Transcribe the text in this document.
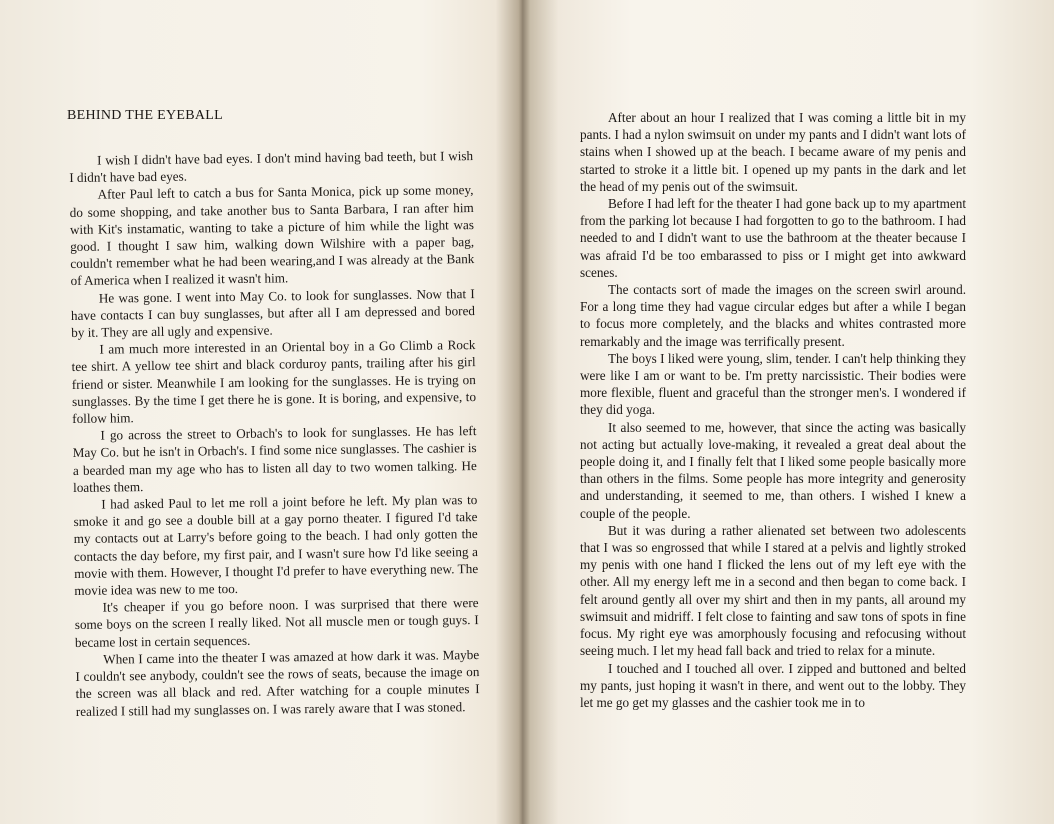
BEHIND THE EYEBALL

I wish I didn't have bad eyes. I don't mind having bad teeth, but I wish I didn't have bad eyes.

After Paul left to catch a bus for Santa Monica, pick up some money, do some shopping, and take another bus to Santa Barbara, I ran after him with Kit's instamatic, wanting to take a picture of him while the light was good. I thought I saw him, walking down Wilshire with a paper bag, couldn't remember what he had been wearing,and I was already at the Bank of America when I realized it wasn't him.

He was gone. I went into May Co. to look for sunglasses. Now that I have contacts I can buy sunglasses, but after all I am depressed and bored by it. They are all ugly and expensive.

I am much more interested in an Oriental boy in a Go Climb a Rock tee shirt. A yellow tee shirt and black corduroy pants, trailing after his girl friend or sister. Meanwhile I am looking for the sunglasses. He is trying on sunglasses. By the time I get there he is gone. It is boring, and expensive, to follow him.

I go across the street to Orbach's to look for sunglasses. He has left May Co. but he isn't in Orbach's. I find some nice sunglasses. The cashier is a bearded man my age who has to listen all day to two women talking. He loathes them.

I had asked Paul to let me roll a joint before he left. My plan was to smoke it and go see a double bill at a gay porno theater. I figured I'd take my contacts out at Larry's before going to the beach. I had only gotten the contacts the day before, my first pair, and I wasn't sure how I'd like seeing a movie with them. However, I thought I'd prefer to have everything new. The movie idea was new to me too.

It's cheaper if you go before noon. I was surprised that there were some boys on the screen I really liked. Not all muscle men or tough guys. I became lost in certain sequences.

When I came into the theater I was amazed at how dark it was. Maybe I couldn't see anybody, couldn't see the rows of seats, because the image on the screen was all black and red. After watching for a couple minutes I realized I still had my sunglasses on. I was rarely aware that I was stoned.

After about an hour I realized that I was coming a little bit in my pants. I had a nylon swimsuit on under my pants and I didn't want lots of stains when I showed up at the beach. I became aware of my penis and started to stroke it a little bit. I opened up my pants in the dark and let the head of my penis out of the swimsuit.

Before I had left for the theater I had gone back up to my apartment from the parking lot because I had forgotten to go to the bathroom. I had needed to and I didn't want to use the bathroom at the theater because I was afraid I'd be too embarassed to piss or I might get into awkward scenes.

The contacts sort of made the images on the screen swirl around. For a long time they had vague circular edges but after a while I began to focus more completely, and the blacks and whites contrasted more remarkably and the image was terrifically present.

The boys I liked were young, slim, tender. I can't help thinking they were like I am or want to be. I'm pretty narcissistic. Their bodies were more flexible, fluent and graceful than the stronger men's. I wondered if they did yoga.

It also seemed to me, however, that since the acting was basically not acting but actually love-making, it revealed a great deal about the people doing it, and I finally felt that I liked some people basically more than others in the films. Some people has more integrity and generosity and understanding, it seemed to me, than others. I wished I knew a couple of the people.

But it was during a rather alienated set between two adolescents that I was so engrossed that while I stared at a pelvis and lightly stroked my penis with one hand I flicked the lens out of my left eye with the other. All my energy left me in a second and then began to come back. I felt around gently all over my shirt and then in my pants, all around my swimsuit and midriff. I felt close to fainting and saw tons of spots in fine focus. My right eye was amorphously focusing and refocusing without seeing much. I let my head fall back and tried to relax for a minute.

I touched and I touched all over. I zipped and buttoned and belted my pants, just hoping it wasn't in there, and went out to the lobby. They let me go get my glasses and the cashier took me in to
